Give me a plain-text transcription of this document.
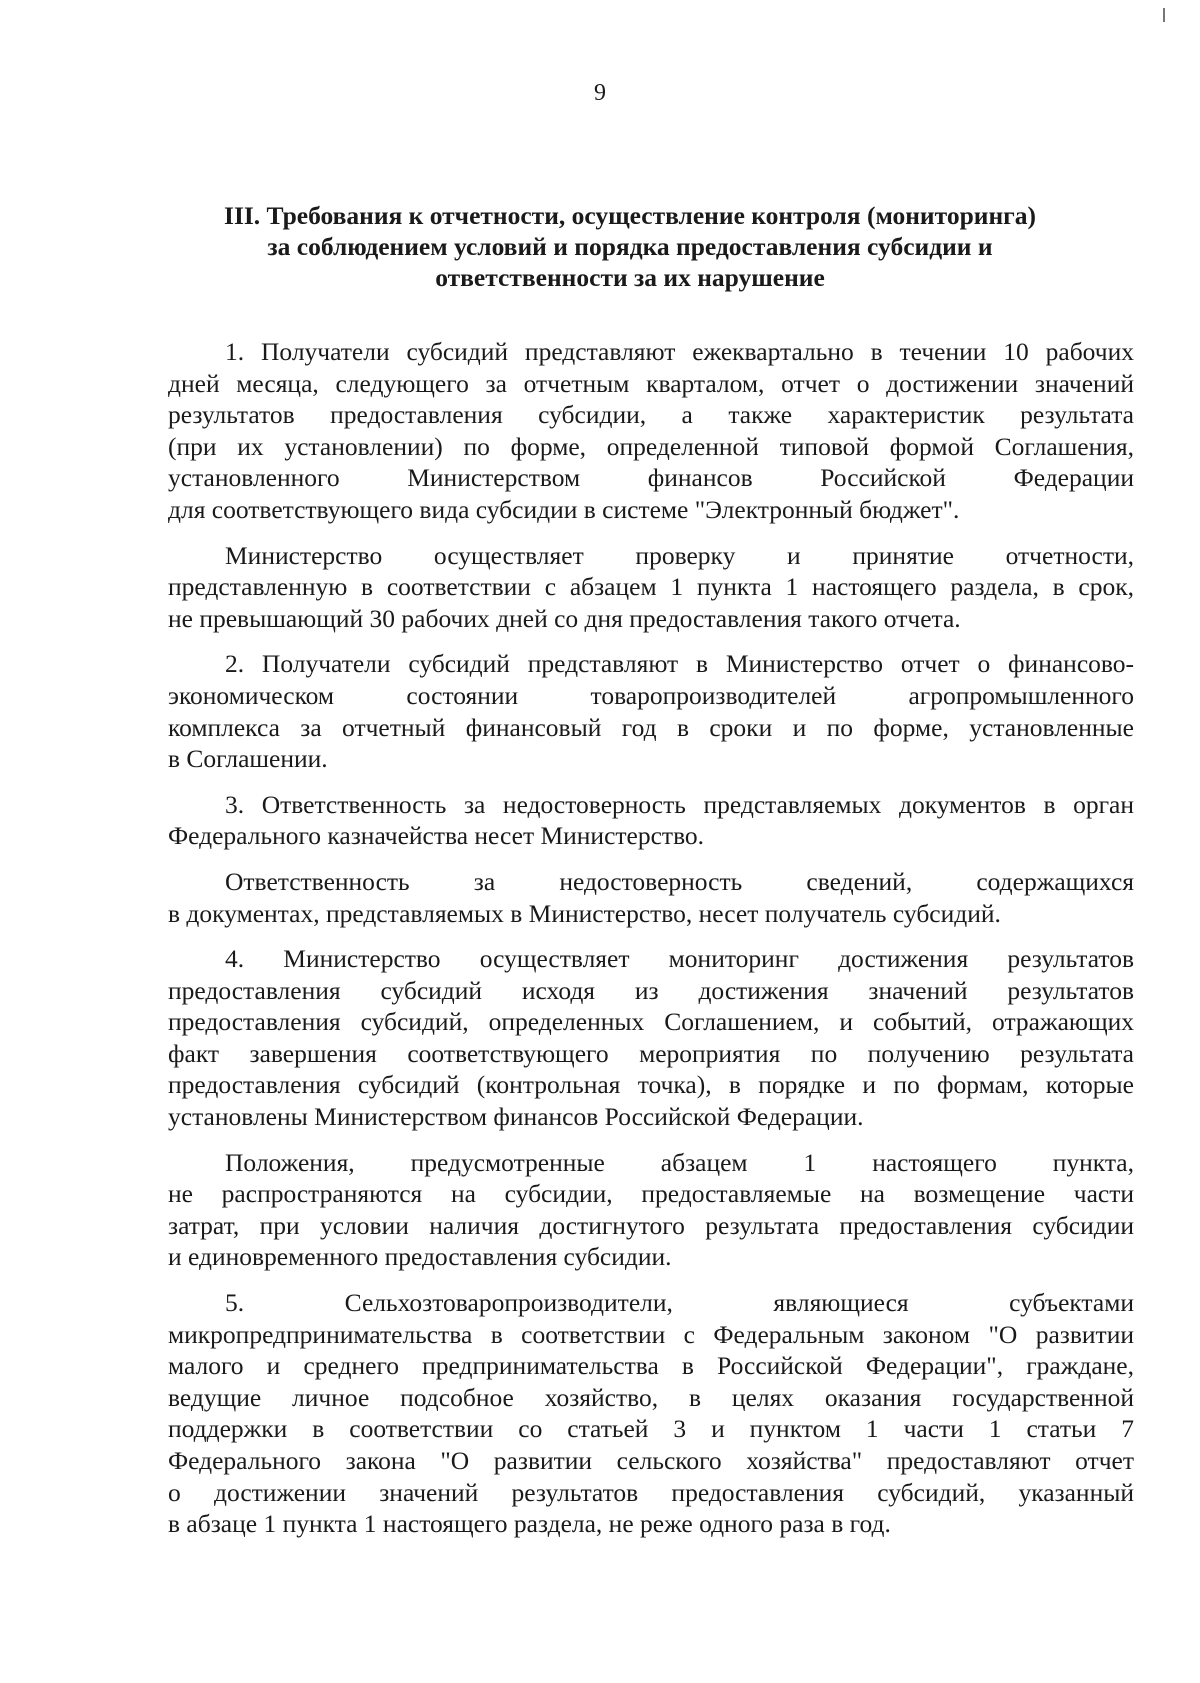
9
III. Требования к отчетности, осуществление контроля (мониторинга)
за соблюдением условий и порядка предоставления субсидии и
ответственности за их нарушение
1. Получатели субсидий представляют ежеквартально в течении 10 рабочих
дней месяца, следующего за отчетным кварталом, отчет о достижении значений
результатов предоставления субсидии, а также характеристик результата
(при их установлении) по форме, определенной типовой формой Соглашения,
установленного Министерством финансов Российской Федерации
для соответствующего вида субсидии в системе "Электронный бюджет".
Министерство осуществляет проверку и принятие отчетности,
представленную в соответствии с абзацем 1 пункта 1 настоящего раздела, в срок,
не превышающий 30 рабочих дней со дня предоставления такого отчета.
2. Получатели субсидий представляют в Министерство отчет о финансово-
экономическом состоянии товаропроизводителей агропромышленного
комплекса за отчетный финансовый год в сроки и по форме, установленные
в Соглашении.
3. Ответственность за недостоверность представляемых документов в орган
Федерального казначейства несет Министерство.
Ответственность за недостоверность сведений, содержащихся
в документах, представляемых в Министерство, несет получатель субсидий.
4. Министерство осуществляет мониторинг достижения результатов
предоставления субсидий исходя из достижения значений результатов
предоставления субсидий, определенных Соглашением, и событий, отражающих
факт завершения соответствующего мероприятия по получению результата
предоставления субсидий (контрольная точка), в порядке и по формам, которые
установлены Министерством финансов Российской Федерации.
Положения, предусмотренные абзацем 1 настоящего пункта,
не распространяются на субсидии, предоставляемые на возмещение части
затрат, при условии наличия достигнутого результата предоставления субсидии
и единовременного предоставления субсидии.
5. Сельхозтоваропроизводители, являющиеся субъектами
микропредпринимательства в соответствии с Федеральным законом "О развитии
малого и среднего предпринимательства в Российской Федерации", граждане,
ведущие личное подсобное хозяйство, в целях оказания государственной
поддержки в соответствии со статьей 3 и пунктом 1 части 1 статьи 7
Федерального закона "О развитии сельского хозяйства" предоставляют отчет
о достижении значений результатов предоставления субсидий, указанный
в абзаце 1 пункта 1 настоящего раздела, не реже одного раза в год.
